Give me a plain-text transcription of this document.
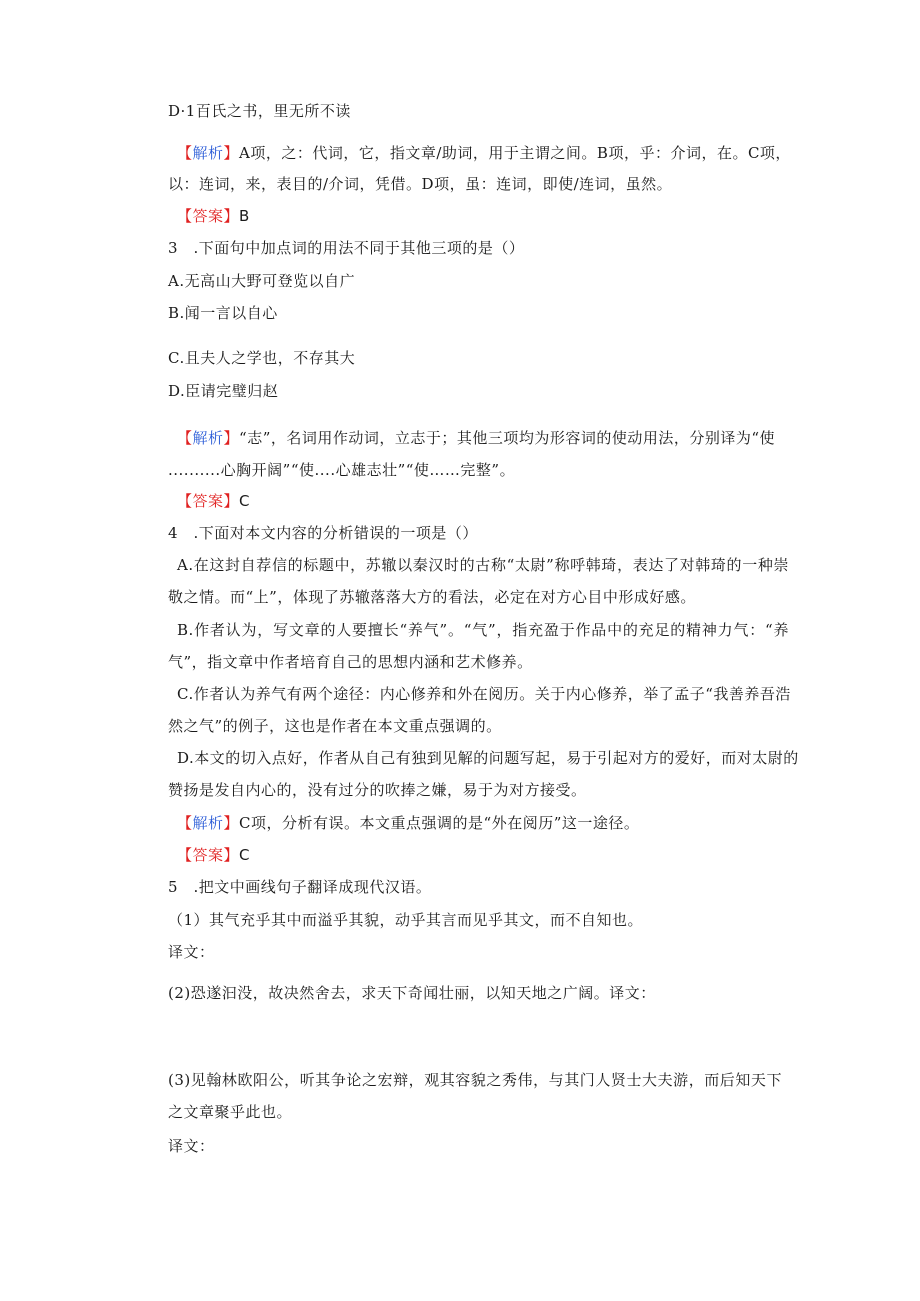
D·1百氏之书，里无所不读
【解析】A项，之：代词，它，指文章/助词，用于主谓之间。B项，乎：介词，在。C项，
以：连词，来，表目的/介词，凭借。D项，虽：连词，即使/连词，虽然。
【答案】B
3　.下面句中加点词的用法不同于其他三项的是（）
A.无高山大野可登览以自广
B.闻一言以自心
C.且夫人之学也，不存其大
D.臣请完璧归赵
【解析】“志”，名词用作动词，立志于；其他三项均为形容词的使动用法，分别译为“使
..........心胸开阔”“使....心雄志壮”“使……完整”。
【答案】C
4　.下面对本文内容的分析错误的一项是（）
A.在这封自荐信的标题中，苏辙以秦汉时的古称“太尉”称呼韩琦，表达了对韩琦的一种崇
敬之情。而“上”，体现了苏辙落落大方的看法，必定在对方心目中形成好感。
B.作者认为，写文章的人要擅长“养气”。“气”，指充盈于作品中的充足的精神力气：“养
气”，指文章中作者培育自己的思想内涵和艺术修养。
C.作者认为养气有两个途径：内心修养和外在阅历。关于内心修养，举了孟子“我善养吾浩
然之气”的例子，这也是作者在本文重点强调的。
D.本文的切入点好，作者从自己有独到见解的问题写起，易于引起对方的爱好，而对太尉的
赞扬是发自内心的，没有过分的吹捧之嫌，易于为对方接受。
【解析】C项，分析有误。本文重点强调的是“外在阅历”这一途径。
【答案】C
5　.把文中画线句子翻译成现代汉语。
（1）其气充乎其中而溢乎其貌，动乎其言而见乎其文，而不自知也。
译文：
(2)恐遂汩没，故决然舍去，求天下奇闻壮丽，以知天地之广阔。译文：
(3)见翰林欧阳公，听其争论之宏辩，观其容貌之秀伟，与其门人贤士大夫游，而后知天下
之文章聚乎此也。
译文：
